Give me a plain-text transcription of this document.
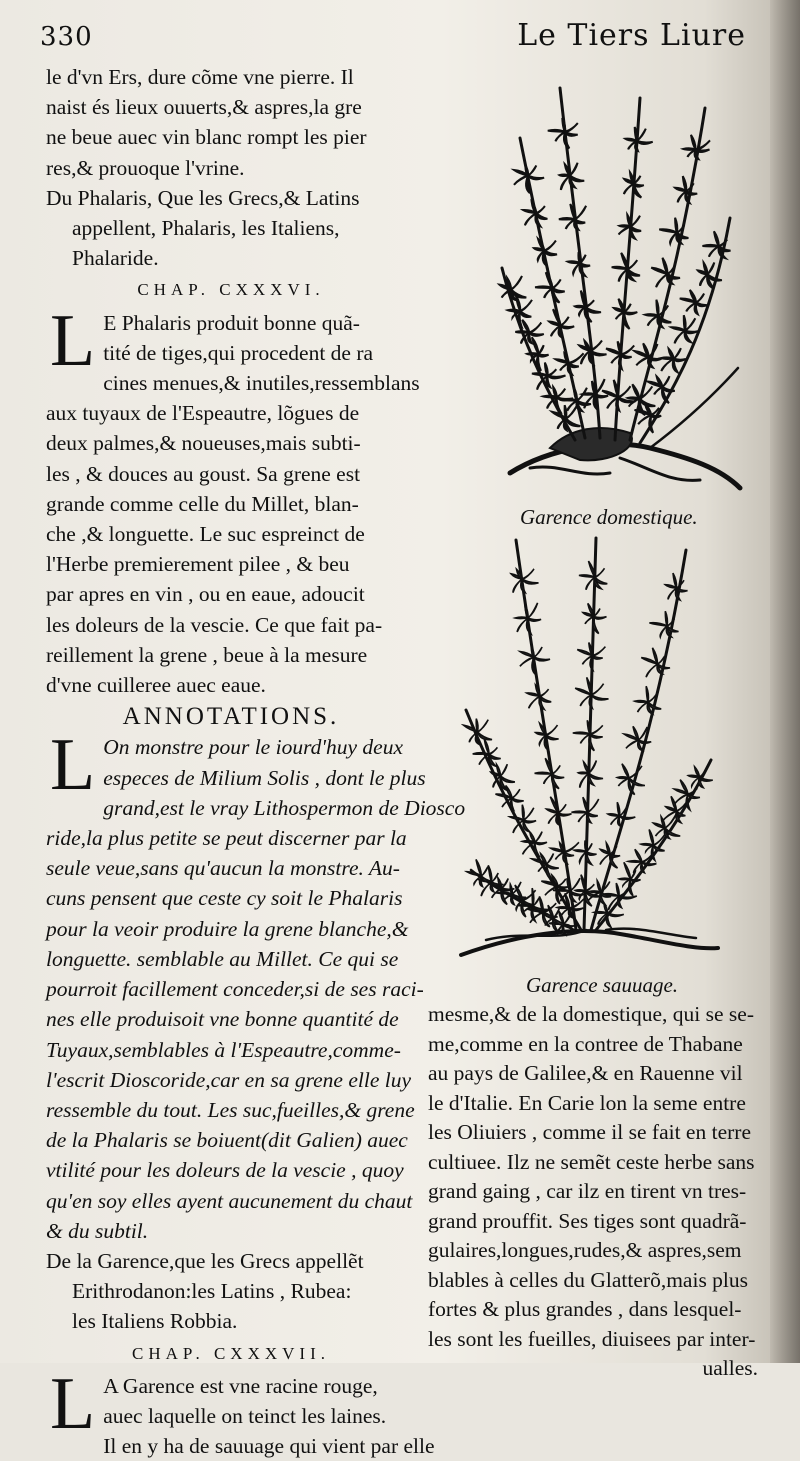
330	Le Tiers Liure
le d'vn Ers, dure cõme vne pierre. Il
naist és lieux ouuerts,& aspres,la gre
ne beue auec vin blanc rompt les pier
res,& prouoque l'vrine.
Du Phalaris, Que les Grecs,& Latins
appellent, Phalaris, les Italiens,
Phalaride.
CHAP. CXXXVI.
L E Phalaris produit bonne quã-
tité de tiges,qui procedent de ra
cines menues,& inutiles,ressemblans
aux tuyaux de l'Espeautre, lõgues de
deux palmes,& noueuses,mais subti-
les , & douces au goust. Sa grene est
grande comme celle du Millet, blan-
che ,& longuette. Le suc espreinct de
l'Herbe premierement pilee , & beu
par apres en vin , ou en eaue, adoucit
les doleurs de la vescie. Ce que fait pa-
reillement la grene , beue à la mesure
d'vne cuilleree auec eaue.
ANNOTATIONS.
L On monstre pour le iourd'huy deux
especes de Milium Solis , dont le plus
grand,est le vray Lithospermon de Diosco
ride,la plus petite se peut discerner par la
seule veue,sans qu'aucun la monstre. Au-
cuns pensent que ceste cy soit le Phalaris
pour la veoir produire la grene blanche,&
longuette. semblable au Millet. Ce qui se
pourroit facillement conceder,si de ses raci-
nes elle produisoit vne bonne quantité de
Tuyaux,semblables à l'Espeautre,comme-
l'escrit Dioscoride,car en sa grene elle luy
ressemble du tout. Les suc,fueilles,& grene
de la Phalaris se boiuent(dit Galien) auec
vtilité pour les doleurs de la vescie , quoy
qu'en soy elles ayent aucunement du chaut
& du subtil.
De la Garence,que les Grecs appellẽt
Erithrodanon:les Latins , Rubea:
les Italiens Robbia.
CHAP. CXXXVII.
L A Garence est vne racine rouge,
auec laquelle on teinct les laines.
Il en y ha de sauuage qui vient par elle
Garence domestique.
Garence sauuage.
mesme,& de la domestique, qui se se-
me,comme en la contree de Thabane
au pays de Galilee,& en Rauenne vil
le d'Italie. En Carie lon la seme entre
les Oliuiers , comme il se fait en terre
cultiuee. Ilz ne semẽt ceste herbe sans
grand gaing , car ilz en tirent vn tres-
grand prouffit. Ses tiges sont quadrã-
gulaires,longues,rudes,& aspres,sem
blables à celles du Glatterõ,mais plus
fortes & plus grandes , dans lesquel-
les sont les fueilles, diuisees par inter-
ualles.
